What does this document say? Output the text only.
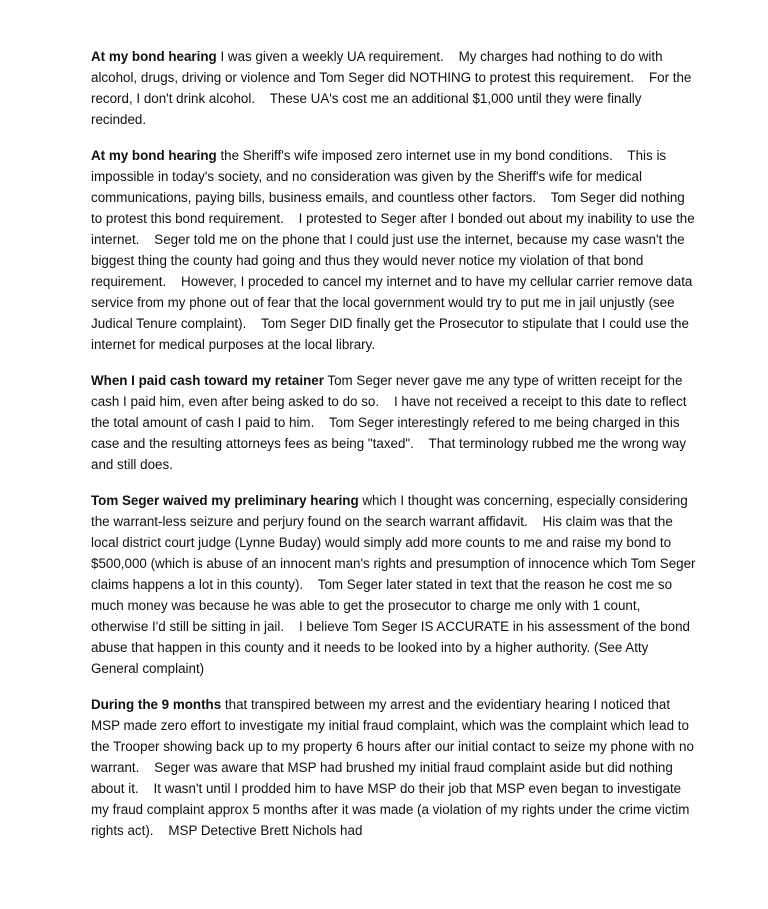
At my bond hearing I was given a weekly UA requirement.    My charges had nothing to do with alcohol, drugs, driving or violence and Tom Seger did NOTHING to protest this requirement.    For the record, I don't drink alcohol.    These UA's cost me an additional $1,000 until they were finally recinded.

At my bond hearing the Sheriff's wife imposed zero internet use in my bond conditions.    This is impossible in today's society, and no consideration was given by the Sheriff's wife for medical communications, paying bills, business emails, and countless other factors.    Tom Seger did nothing to protest this bond requirement.    I protested to Seger after I bonded out about my inability to use the internet.    Seger told me on the phone that I could just use the internet, because my case wasn't the biggest thing the county had going and thus they would never notice my violation of that bond requirement.    However, I proceded to cancel my internet and to have my cellular carrier remove data service from my phone out of fear that the local government would try to put me in jail unjustly (see Judical Tenure complaint).    Tom Seger DID finally get the Prosecutor to stipulate that I could use the internet for medical purposes at the local library.

When I paid cash toward my retainer Tom Seger never gave me any type of written receipt for the cash I paid him, even after being asked to do so.    I have not received a receipt to this date to reflect the total amount of cash I paid to him.    Tom Seger interestingly refered to me being charged in this case and the resulting attorneys fees as being "taxed".    That terminology rubbed me the wrong way and still does.

Tom Seger waived my preliminary hearing which I thought was concerning, especially considering the warrant-less seizure and perjury found on the search warrant affidavit.    His claim was that the local district court judge (Lynne Buday) would simply add more counts to me and raise my bond to $500,000 (which is abuse of an innocent man's rights and presumption of innocence which Tom Seger claims happens a lot in this county).    Tom Seger later stated in text that the reason he cost me so much money was because he was able to get the prosecutor to charge me only with 1 count, otherwise I'd still be sitting in jail.    I believe Tom Seger IS ACCURATE in his assessment of the bond abuse that happen in this county and it needs to be looked into by a higher authority. (See Atty General complaint)

During the 9 months that transpired between my arrest and the evidentiary hearing I noticed that MSP made zero effort to investigate my initial fraud complaint, which was the complaint which lead to the Trooper showing back up to my property 6 hours after our initial contact to seize my phone with no warrant.    Seger was aware that MSP had brushed my initial fraud complaint aside but did nothing about it.    It wasn't until I prodded him to have MSP do their job that MSP even began to investigate my fraud complaint approx 5 months after it was made (a violation of my rights under the crime victim rights act).    MSP Detective Brett Nichols had
